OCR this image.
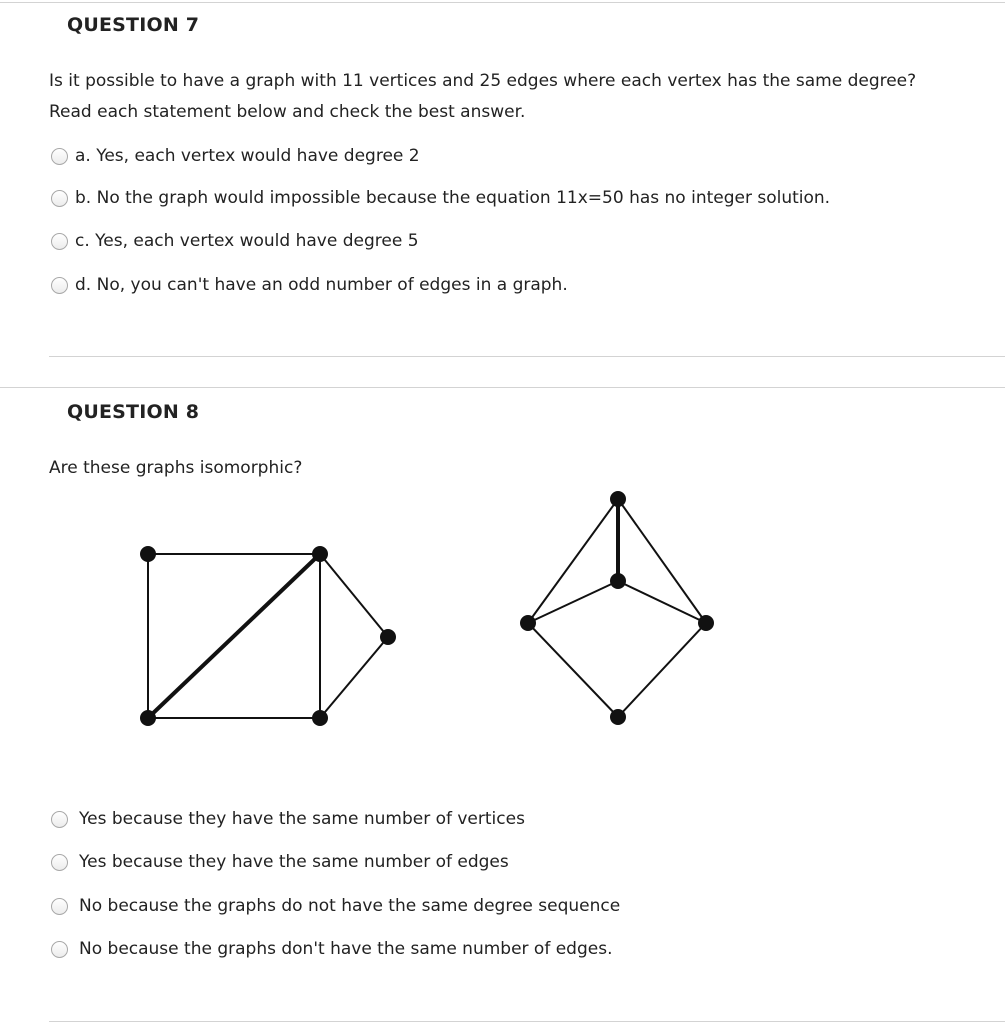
QUESTION 7
Is it possible to have a graph with 11 vertices and 25 edges where each vertex has the same degree?
Read each statement below and check the best answer.
a. Yes, each vertex would have degree 2
b. No the graph would impossible because the equation 11x=50 has no integer solution.
c. Yes, each vertex would have degree 5
d. No, you can't have an odd number of edges in a graph.
QUESTION 8
Are these graphs isomorphic?
Yes because they have the same number of vertices
Yes because they have the same number of edges
No because the graphs do not have the same degree sequence
No because the graphs don't have the same number of edges.
